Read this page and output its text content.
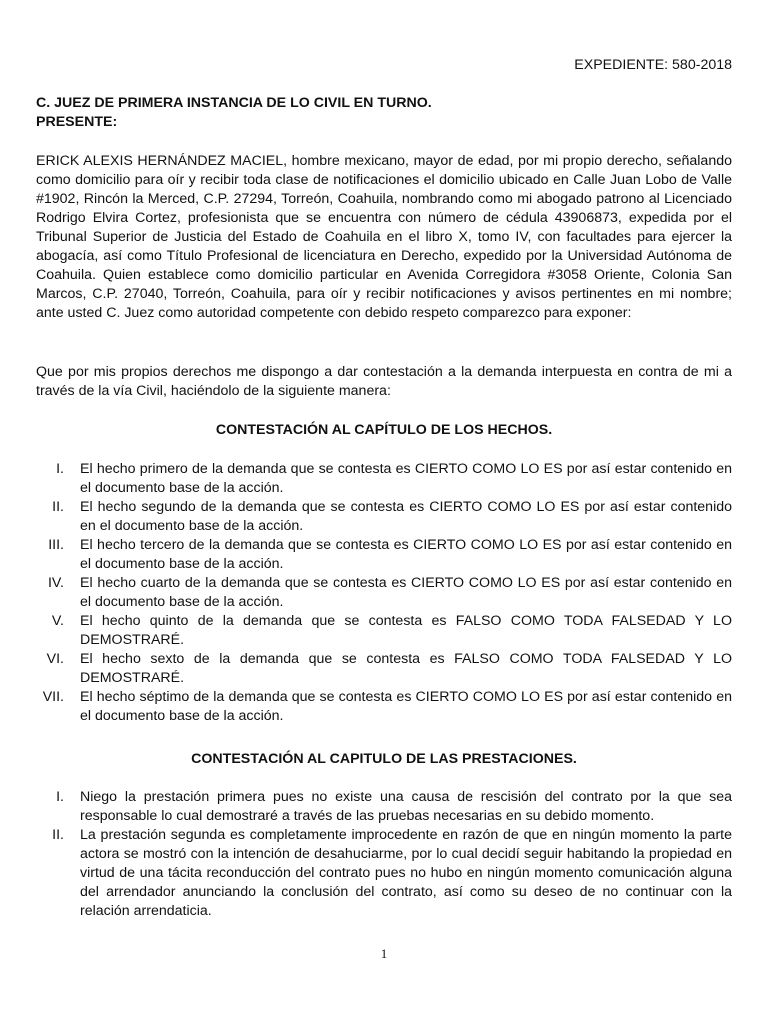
EXPEDIENTE: 580-2018
C. JUEZ DE PRIMERA INSTANCIA DE LO CIVIL EN TURNO.
PRESENTE:
ERICK ALEXIS HERNÁNDEZ MACIEL, hombre mexicano, mayor de edad, por mi propio derecho, señalando como domicilio para oír y recibir toda clase de notificaciones el domicilio ubicado en Calle Juan Lobo de Valle #1902, Rincón la Merced, C.P. 27294, Torreón, Coahuila, nombrando como mi abogado patrono al Licenciado Rodrigo Elvira Cortez, profesionista que se encuentra con número de cédula 43906873, expedida por el Tribunal Superior de Justicia del Estado de Coahuila en el libro X, tomo IV, con facultades para ejercer la abogacía, así como Título Profesional de licenciatura en Derecho, expedido por la Universidad Autónoma de Coahuila. Quien establece como domicilio particular en Avenida Corregidora #3058 Oriente, Colonia San Marcos, C.P. 27040, Torreón, Coahuila, para oír y recibir notificaciones y avisos pertinentes en mi nombre; ante usted C. Juez como autoridad competente con debido respeto comparezco para exponer:
Que por mis propios derechos me dispongo a dar contestación a la demanda interpuesta en contra de mi a través de la vía Civil, haciéndolo de la siguiente manera:
CONTESTACIÓN AL CAPÍTULO DE LOS HECHOS.
I. El hecho primero de la demanda que se contesta es CIERTO COMO LO ES por así estar contenido en el documento base de la acción.
II. El hecho segundo de la demanda que se contesta es CIERTO COMO LO ES por así estar contenido en el documento base de la acción.
III. El hecho tercero de la demanda que se contesta es CIERTO COMO LO ES por así estar contenido en el documento base de la acción.
IV. El hecho cuarto de la demanda que se contesta es CIERTO COMO LO ES por así estar contenido en el documento base de la acción.
V. El hecho quinto de la demanda que se contesta es FALSO COMO TODA FALSEDAD Y LO DEMOSTRARÉ.
VI. El hecho sexto de la demanda que se contesta es FALSO COMO TODA FALSEDAD Y LO DEMOSTRARÉ.
VII. El hecho séptimo de la demanda que se contesta es CIERTO COMO LO ES por así estar contenido en el documento base de la acción.
CONTESTACIÓN AL CAPITULO DE LAS PRESTACIONES.
I. Niego la prestación primera pues no existe una causa de rescisión del contrato por la que sea responsable lo cual demostraré a través de las pruebas necesarias en su debido momento.
II. La prestación segunda es completamente improcedente en razón de que en ningún momento la parte actora se mostró con la intención de desahuciarme, por lo cual decidí seguir habitando la propiedad en virtud de una tácita reconducción del contrato pues no hubo en ningún momento comunicación alguna del arrendador anunciando la conclusión del contrato, así como su deseo de no continuar con la relación arrendaticia.
1
